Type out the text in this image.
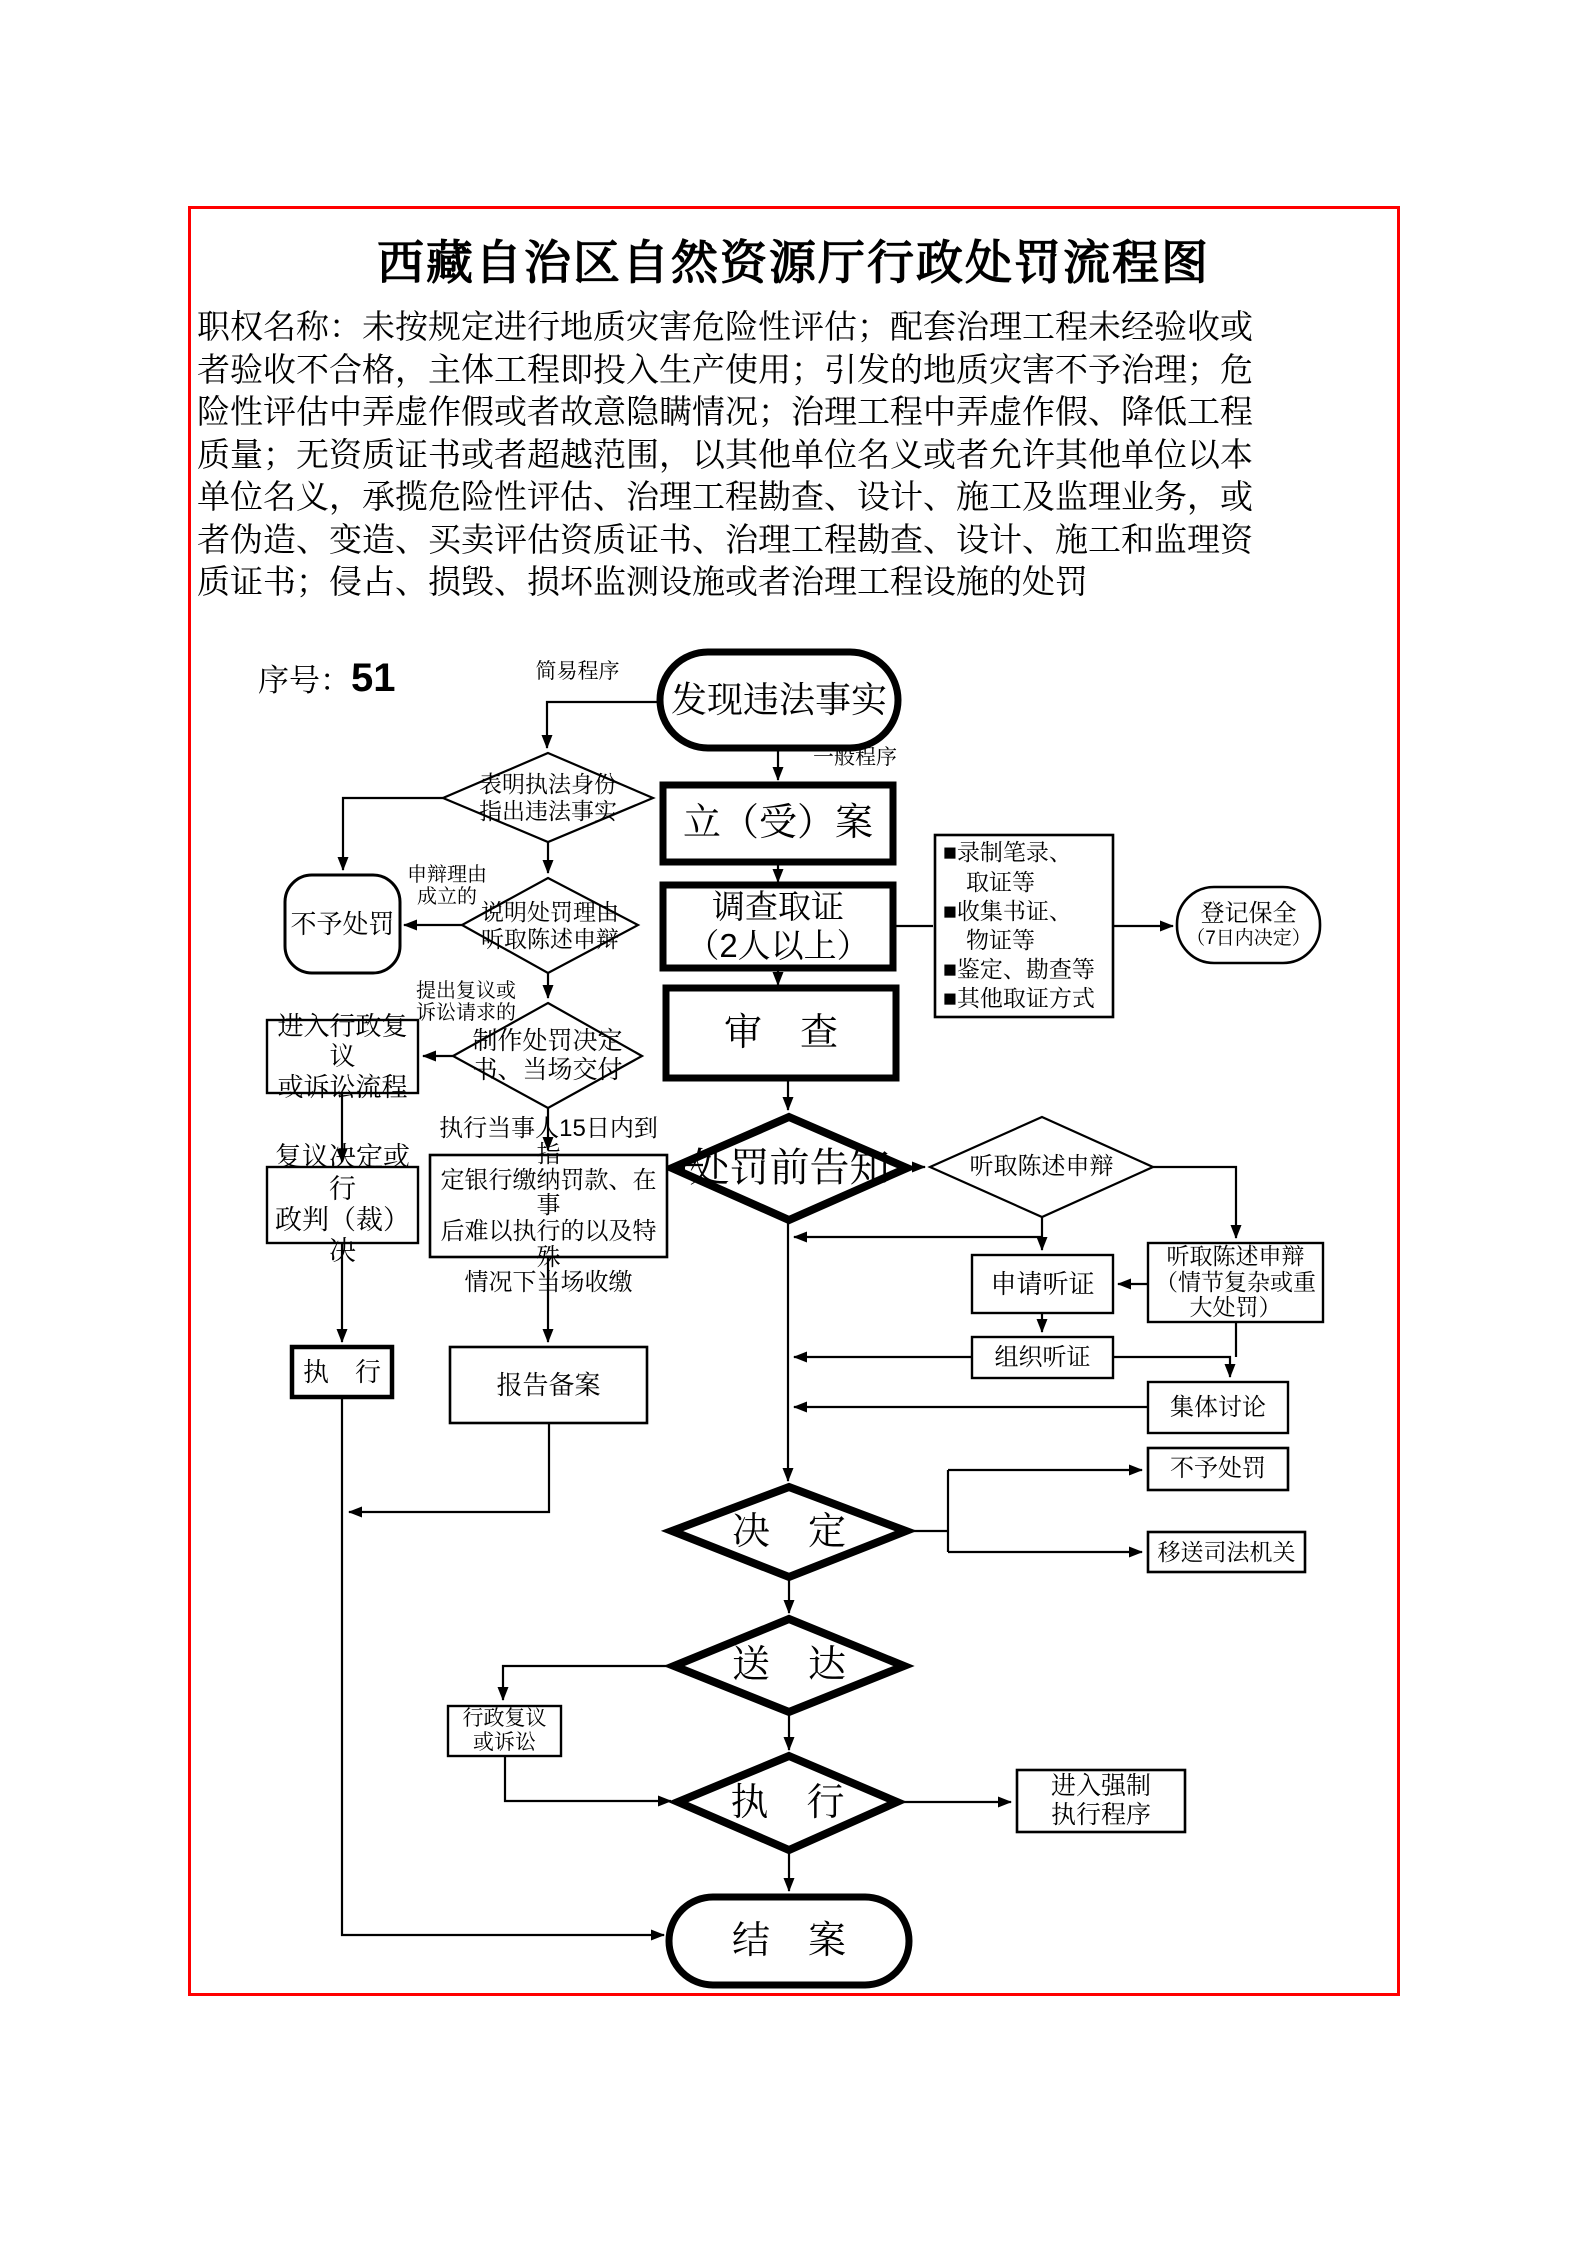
西藏自治区自然资源厅行政处罚流程图
职权名称：未按规定进行地质灾害危险性评估；配套治理工程未经验收或
者验收不合格，主体工程即投入生产使用；引发的地质灾害不予治理；危
险性评估中弄虚作假或者故意隐瞒情况；治理工程中弄虚作假、降低工程
质量；无资质证书或者超越范围，以其他单位名义或者允许其他单位以本
单位名义，承揽危险性评估、治理工程勘查、设计、施工及监理业务，或
者伪造、变造、买卖评估资质证书、治理工程勘查、设计、施工和监理资
质证书；侵占、损毁、损坏监测设施或者治理工程设施的处罚
序号：51	发现违法事实
立（受）案
调查取证
（2人以上）
审　查
处罚前告知
表明执法身份
指出违法事实
不予处罚	说明处罚理由
听取陈述申辩
制作处罚决定
书、当场交付
进入行政复议
或诉讼流程
复议决定或行
政判（裁）决
执行当事人15日内到指
定银行缴纳罚款、在事
后难以执行的以及特殊
情况下当场收缴
执　行	报告备案
■录制笔录、
　取证等
■收集书证、
　物证等
■鉴定、勘查等
■其他取证方式
登记保全
（7日内决定）
听取陈述申辩
申请听证
听取陈述申辩
（情节复杂或重
大处罚）
组织听证
集体讨论
决　定
不予处罚
移送司法机关
送　达
行政复议
或诉讼
执　行	进入强制
执行程序
结　案
简易程序
一般程序
申辩理由
成立的
提出复议或
诉讼请求的
